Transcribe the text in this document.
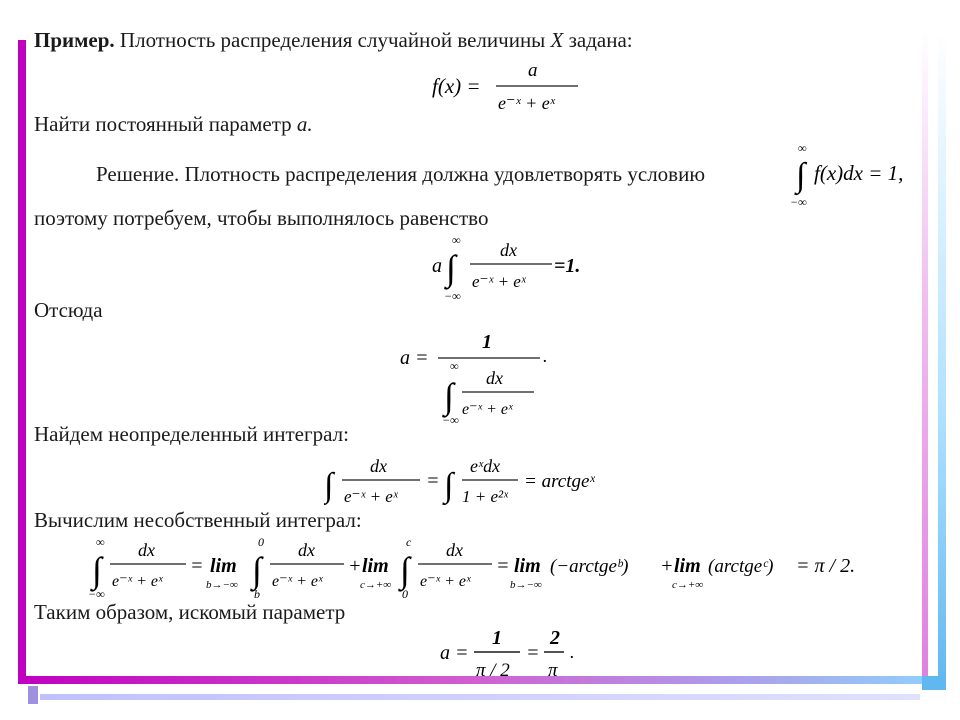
Пример. Плотность распределения случайной величины X задана:
f(x) =
a
e⁻ˣ + eˣ
Найти постоянный параметр a.
Решение. Плотность распределения должна удовлетворять условию
∞
∫
−∞
f(x)dx = 1,
поэтому потребуем, чтобы выполнялось равенство
a
∞
∫
−∞
dx
e⁻ˣ + eˣ
=1.
Отсюда
a =
1
.
∞
∫
−∞
dx
e⁻ˣ + eˣ
Найдем неопределенный интеграл:
∫
dx
e⁻ˣ + eˣ
= ∫
eˣdx
1 + e²ˣ
= arctgeˣ
Вычислим несобственный интеграл:
∞
∫
−∞
dx
e⁻ˣ + eˣ
= lim
b→−∞
0
∫
b
dx
e⁻ˣ + eˣ
+ lim
c→+∞
c
∫
0
dx
e⁻ˣ + eˣ
= lim
b→−∞
(−arctgeᵇ) + lim
c→+∞
(arctgeᶜ) = π / 2.
Таким образом, искомый параметр
a =
1
π / 2
=
2
π
.
